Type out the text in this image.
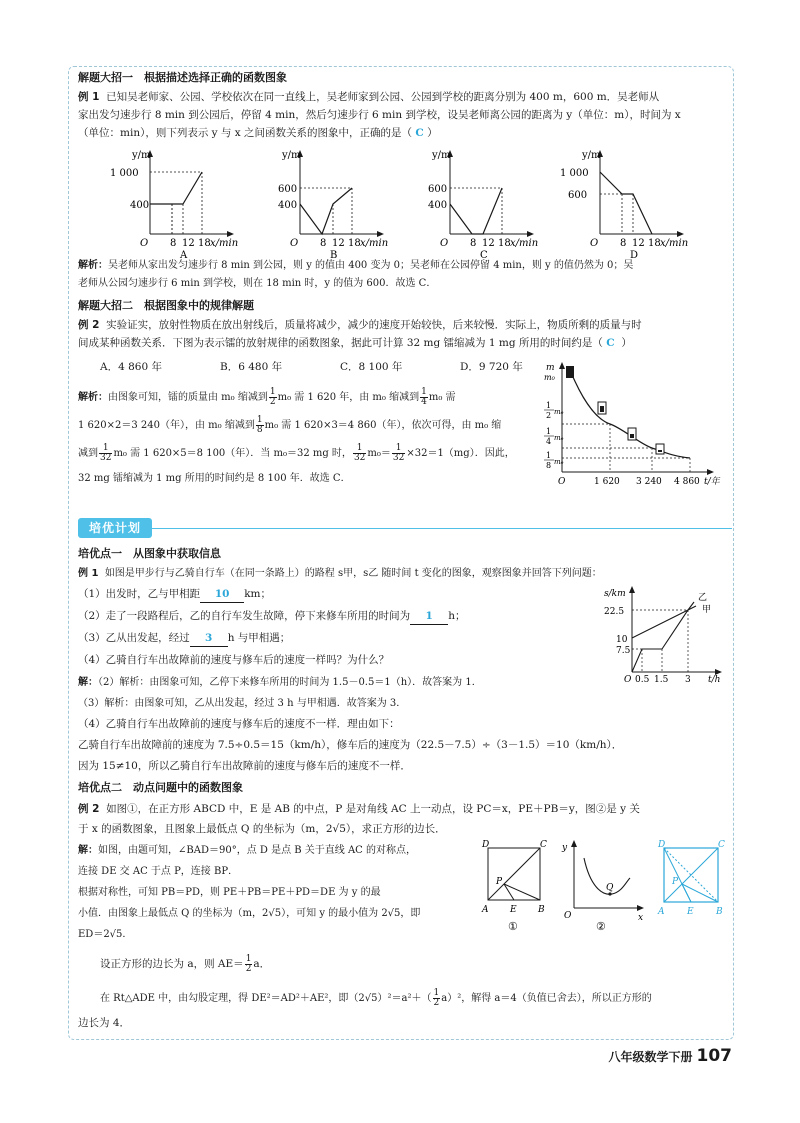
解题大招一　根据描述选择正确的函数图象
例 1 已知吴老师家、公园、学校依次在同一直线上，吴老师家到公园、公园到学校的距离分别为 400 m，600 m．吴老师从
家出发匀速步行 8 min 到公园后，停留 4 min，然后匀速步行 6 min 到学校，设吴老师离公园的距离为 y（单位：m），时间为 x
（单位：min），则下列表示 y 与 x 之间函数关系的图象中，正确的是（ C ）
y/m
1 000
400
O 8 12 18 x/min
A
y/m
600
400
O 8 12 18 x/min
B
y/m
600
400
O 8 12 18 x/min
C
y/m
1 000
600
O 8 12 18 x/min
D
解析：吴老师从家出发匀速步行 8 min 到公园，则 y 的值由 400 变为 0；吴老师在公园停留 4 min，则 y 的值仍然为 0；吴
老师从公园匀速步行 6 min 到学校，则在 18 min 时，y 的值为 600．故选 C．
解题大招二　根据图象中的规律解题
例 2 实验证实，放射性物质在放出射线后，质量将减少，减少的速度开始较快，后来较慢．实际上，物质所剩的质量与时
间成某种函数关系．下图为表示镭的放射规律的函数图象，据此可计算 32 mg 镭缩减为 1 mg 所用的时间约是（ C ）
A．4 860 年	B．6 480 年	C．8 100 年	D．9 720 年
解析：由图象可知，镭的质量由 m₀ 缩减到 $\frac{1}{2} m_0$ 需 1 620 年，由 m₀ 缩减到 $\frac{1}{4} m_0$ 需
1 620×2＝3 240（年），由 m₀ 缩减到 $\frac{1}{8} m_0$ 需 1 620×3＝4 860（年），依次可得，由 m₀ 缩
减到 $\frac{1}{32} m_0$ 需 1 620×5＝8 100（年）．当 m₀＝32 mg 时， $\frac{1}{32} m_0= \frac{1}{32} \times 32=1(mg)$．因此，
32 mg 镭缩减为 1 mg 所用的时间约是 8 100 年．故选 C．
m
m₀
1
2 m₀
1
4 m₀
1
8 m₀
O	1 620 3 240 4 860 t/年
培优计划
培优点一　从图象中获取信息
例 1 如图是甲步行与乙骑自行车（在同一条路上）的路程 s甲，s乙 随时间 t 变化的图象，观察图象并回答下列问题：
（1）出发时，乙与甲相距 10 km；
（2）走了一段路程后，乙的自行车发生故障，停下来修车所用的时间为 1 h；
（3）乙从出发起，经过 3 h 与甲相遇；
（4）乙骑自行车出故障前的速度与修车后的速度一样吗？为什么？
解：（2）解析：由图象可知，乙停下来修车所用的时间为 1.5－0.5＝1（h）．故答案为 1．
（3）解析：由图象可知，乙从出发起，经过 3 h 与甲相遇．故答案为 3．
（4）乙骑自行车出故障前的速度与修车后的速度不一样．理由如下：
乙骑自行车出故障前的速度为 7.5÷0.5＝15（km/h），修车后的速度为（22.5－7.5）÷（3－1.5）＝10（km/h）．
因为 15≠10，所以乙骑自行车出故障前的速度与修车后的速度不一样．
s/km
22.5
10
7.5
乙
甲
O 0.5 1.5 3 t/h
培优点二　动点问题中的函数图象
例 2 如图①，在正方形 ABCD 中，E 是 AB 的中点，P 是对角线 AC 上一动点，设 PC＝x，PE＋PB＝y，图②是 y 关
于 x 的函数图象，且图象上最低点 Q 的坐标为（m，2√5），求正方形的边长．
解：如图，由题可知，∠BAD＝90°，点 D 是点 B 关于直线 AC 的对称点，
连接 DE 交 AC 于点 P，连接 BP．
根据对称性，可知 PB＝PD，则 PE＋PB＝PE＋PD＝DE 为 y 的最
小值．由图象上最低点 Q 的坐标为（m，2√5），可知 y 的最小值为 2√5，即
ED＝2√5．
设正方形的边长为 a，则 $AE= \frac{1}{2}$ a．
在 Rt△ADE 中，由勾股定理，得 DE²＝AD²＋AE²，即$(2√5)^2=a^2+( \frac{1}{2} a)^2$，解得 a＝4（负值已舍去），所以正方形的
边长为 4．
D	C
A E B
P
①
y
O	x
Q
②
D	C
A	E B
P
八年级数学下册 107
